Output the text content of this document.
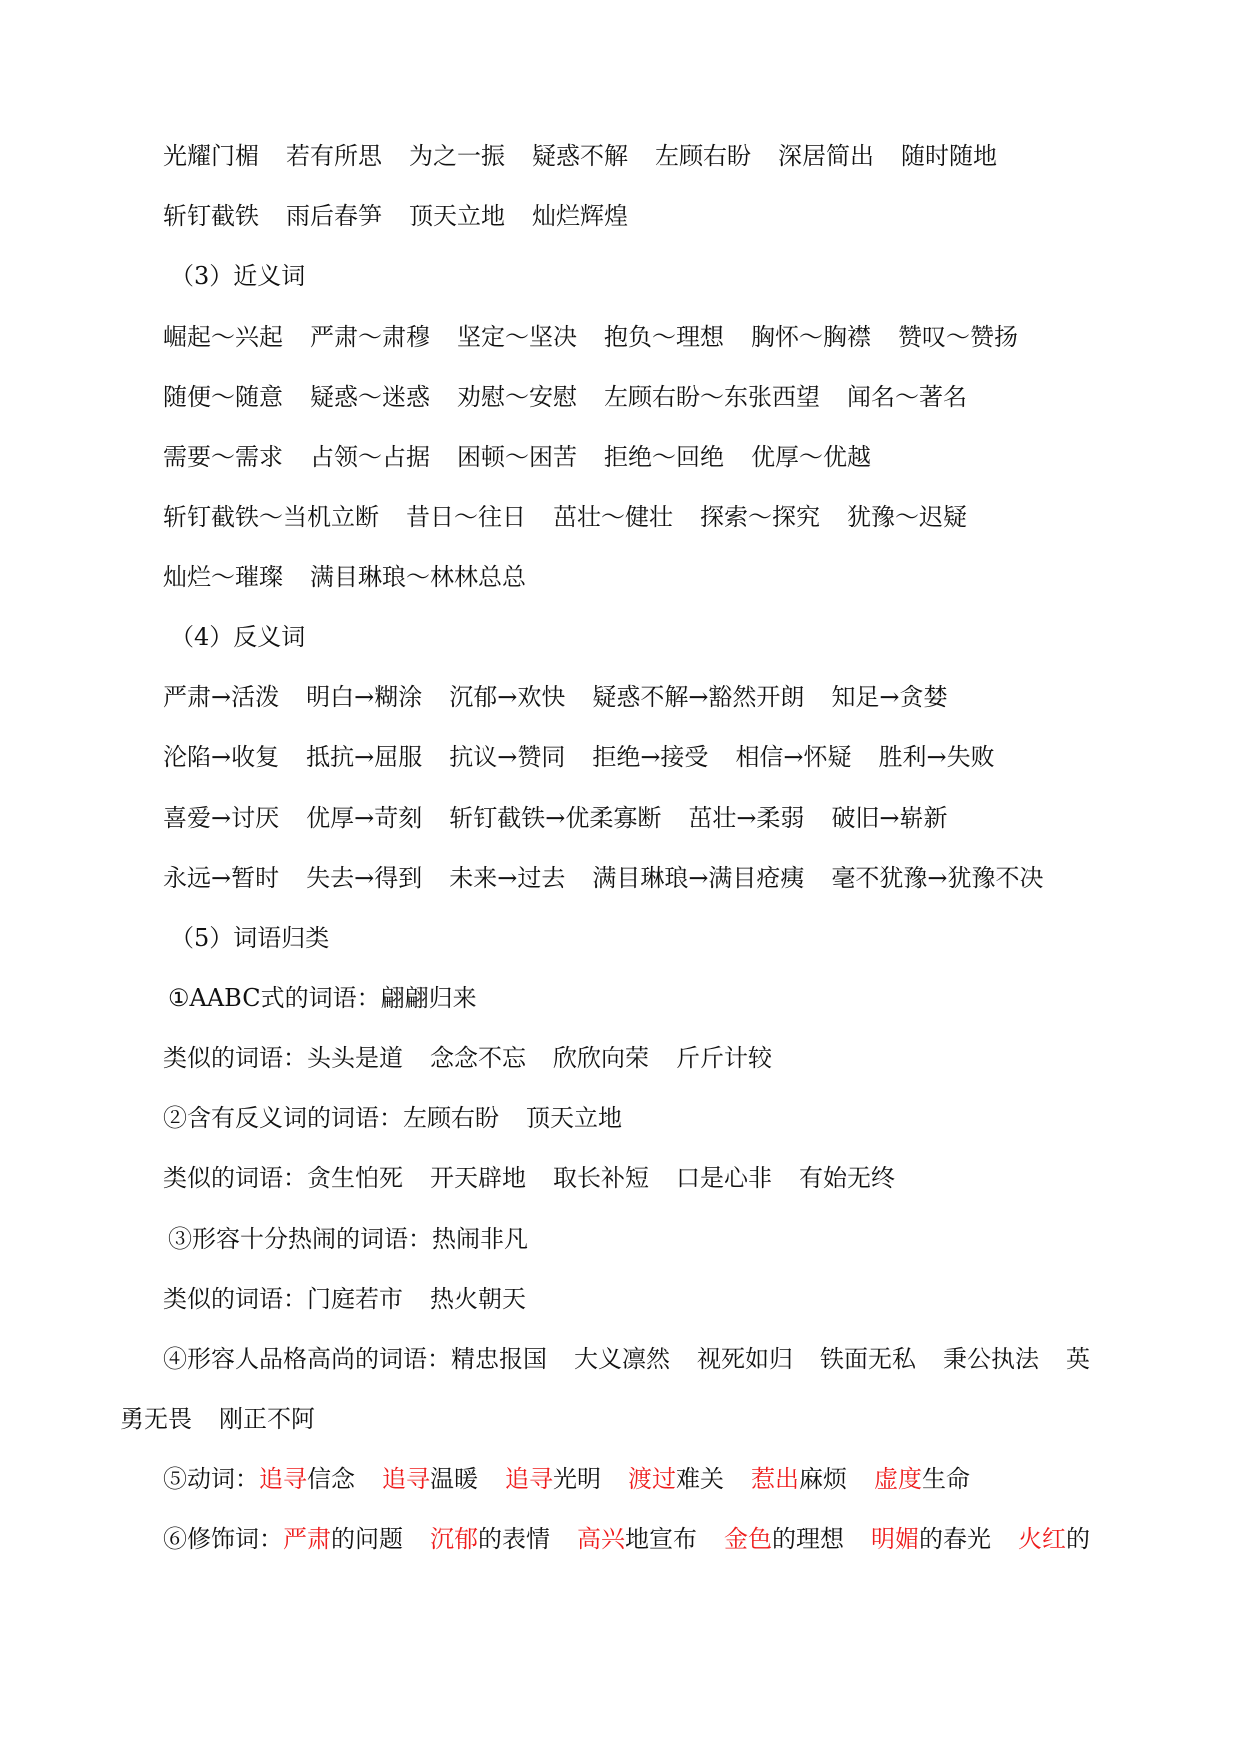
光耀门楣 若有所思 为之一振 疑惑不解 左顾右盼 深居简出 随时随地
斩钉截铁 雨后春笋 顶天立地 灿烂辉煌
（3）近义词
崛起～兴起 严肃～肃穆 坚定～坚决 抱负～理想 胸怀～胸襟 赞叹～赞扬
随便～随意 疑惑～迷惑 劝慰～安慰 左顾右盼～东张西望 闻名～著名
需要～需求 占领～占据 困顿～困苦 拒绝～回绝 优厚～优越
斩钉截铁～当机立断 昔日～往日 茁壮～健壮 探索～探究 犹豫～迟疑
灿烂～璀璨 满目琳琅～林林总总
（4）反义词
严肃→活泼 明白→糊涂 沉郁→欢快 疑惑不解→豁然开朗 知足→贪婪
沦陷→收复 抵抗→屈服 抗议→赞同 拒绝→接受 相信→怀疑 胜利→失败
喜爱→讨厌 优厚→苛刻 斩钉截铁→优柔寡断 茁壮→柔弱 破旧→崭新
永远→暂时 失去→得到 未来→过去 满目琳琅→满目疮痍 毫不犹豫→犹豫不决
（5）词语归类
①AABC式的词语：翩翩归来
类似的词语：头头是道 念念不忘 欣欣向荣 斤斤计较
②含有反义词的词语：左顾右盼 顶天立地
类似的词语：贪生怕死 开天辟地 取长补短 口是心非 有始无终
③形容十分热闹的词语：热闹非凡
类似的词语：门庭若市 热火朝天
④形容人品格高尚的词语：精忠报国 大义凛然 视死如归 铁面无私 秉公执法 英
勇无畏 刚正不阿
⑤动词：追寻信念 追寻温暖 追寻光明 渡过难关 惹出麻烦 虚度生命
⑥修饰词：严肃的问题 沉郁的表情 高兴地宣布 金色的理想 明媚的春光 火红的
